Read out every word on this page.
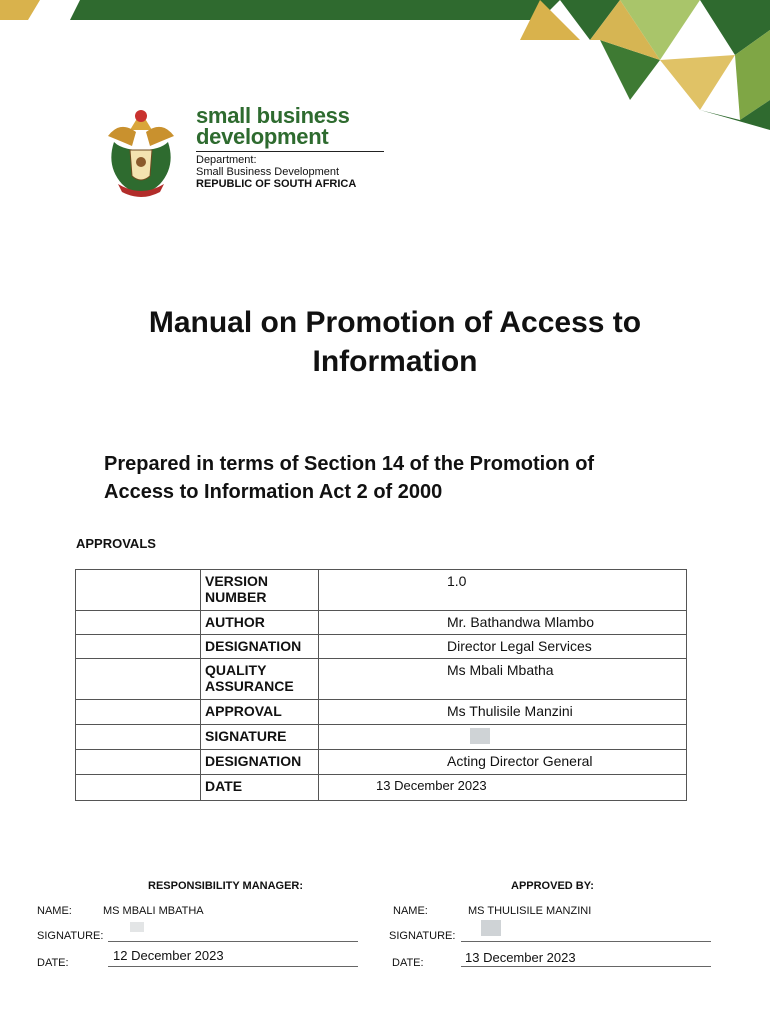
small business
development
Department:
Small Business Development
REPUBLIC OF SOUTH AFRICA
Manual on Promotion of Access to
Information
Prepared in terms of Section 14 of the Promotion of
Access to Information Act 2 of 2000
APPROVALS
	VERSION NUMBER	1.0

	AUTHOR	Mr. Bathandwa Mlambo

	DESIGNATION	Director Legal Services

	QUALITY ASSURANCE	Ms Mbali Mbatha

	APPROVAL	Ms Thulisile Manzini

	SIGNATURE	

	DESIGNATION	Acting Director General

	DATE	13 December 2023
RESPONSIBILITY MANAGER:
NAME:	MS MBALI MBATHA
SIGNATURE:
DATE:	12 December 2023
APPROVED BY:
NAME:	MS THULISILE MANZINI
SIGNATURE:
DATE:	13 December 2023
